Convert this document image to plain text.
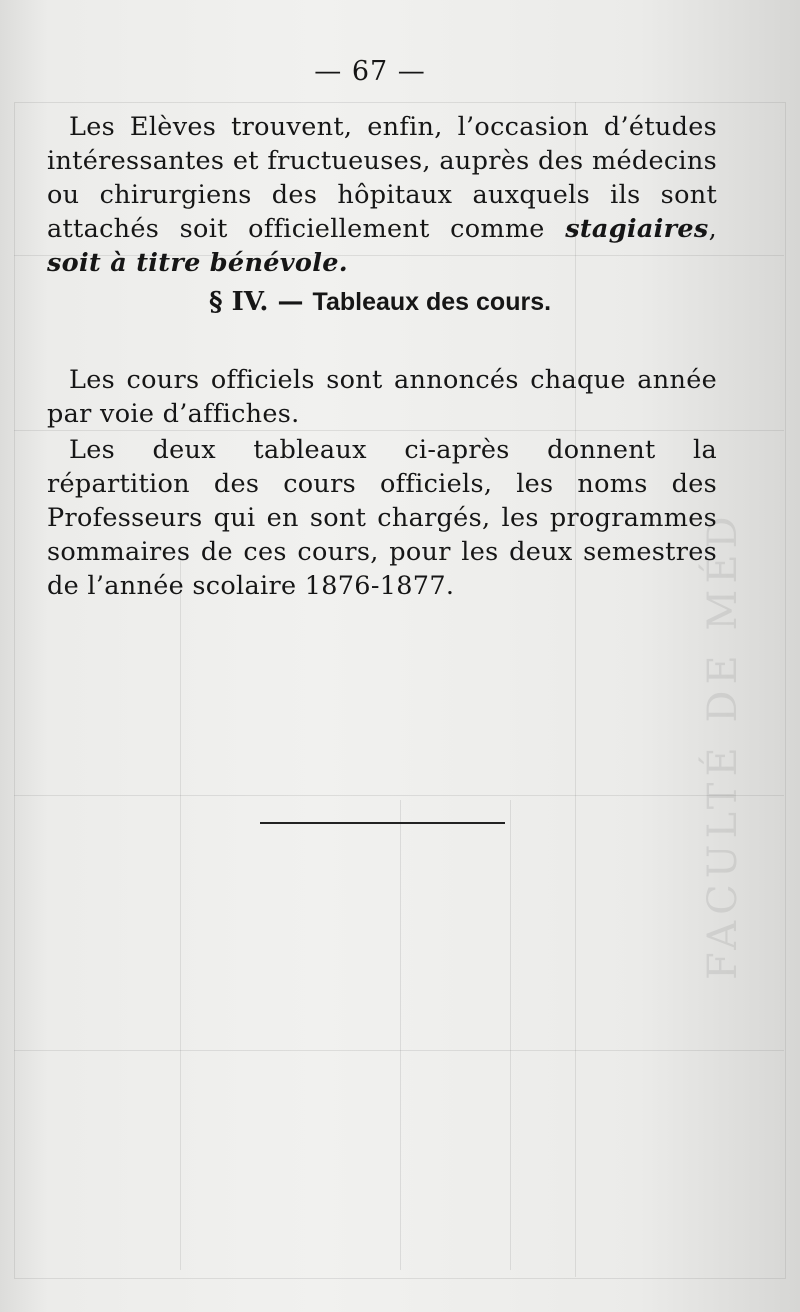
FACULTÉ DE MÉD
— 67 —

Les Elèves trouvent, enfin, l’occasion d’études intéressantes et fructueuses, auprès des médecins ou chirurgiens des hôpitaux auxquels ils sont attachés soit officiellement comme stagiaires, soit à titre bénévole.

§ IV. — Tableaux des cours.

Les cours officiels sont annoncés chaque année par voie d’affiches.

Les deux tableaux ci-après donnent la répartition des cours officiels, les noms des Professeurs qui en sont chargés, les programmes sommaires de ces cours, pour les deux semestres de l’année scolaire 1876-1877.
